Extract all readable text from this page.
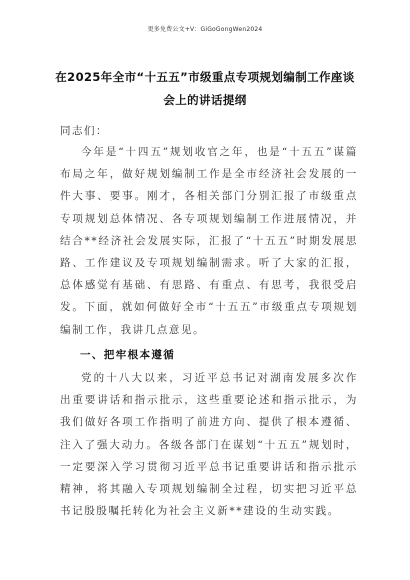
更多免费公文+V：GiGoGongWen2024
在2025年全市“十五五”市级重点专项规划编制工作座谈会上的讲话提纲
同志们：

今年是“十四五”规划收官之年，也是“十五五”谋篇布局之年，做好规划编制工作是全市经济社会发展的一件大事、要事。刚才，各相关部门分别汇报了市级重点专项规划总体情况、各专项规划编制工作进展情况，并结合**经济社会发展实际，汇报了“十五五”时期发展思路、工作建议及专项规划编制需求。听了大家的汇报，总体感觉有基础、有思路、有重点、有思考，我很受启发。下面，就如何做好全市“十五五”市级重点专项规划编制工作，我讲几点意见。

一、把牢根本遵循

党的十八大以来，习近平总书记对湖南发展多次作出重要讲话和指示批示，这些重要论述和指示批示，为我们做好各项工作指明了前进方向、提供了根本遵循、注入了强大动力。各级各部门在谋划“十五五”规划时，一定要深入学习贯彻习近平总书记重要讲话和指示批示精神，将其融入专项规划编制全过程，切实把习近平总书记殷殷嘱托转化为社会主义新**建设的生动实践。
